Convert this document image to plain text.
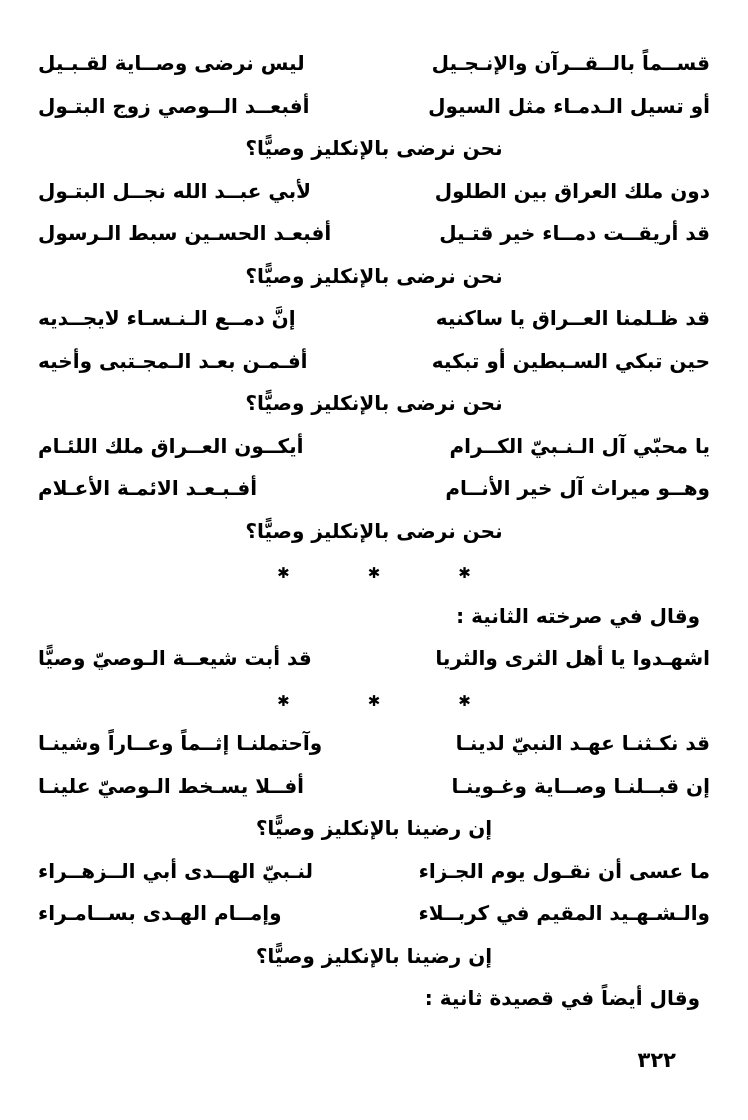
قســماً بالــقــرآن والإنـجـيل
ليس نرضى وصــاية لقـبـيل
أو تسيل الـدمـاء مثل السيول
أفبعــد الــوصي زوج البتـول
نحن نرضى بالإنكليز وصيًّا؟
دون ملك العراق بين الطلول
لأبي عبــد الله نجــل البتـول
قد أريقــت دمــاء خير قتـيل
أفبعـد الحسـين سبط الـرسول
نحن نرضى بالإنكليز وصيًّا؟
قد ظـلمنا العــراق يا ساكنيه
إنَّ دمــع الـنـسـاء لايجــديه
حين تبكي السـبطين أو تبكيه
أفـمـن بعـد الـمجـتبى وأخيه
نحن نرضى بالإنكليز وصيًّا؟
يا محبّي آل الـنـبيّ الكــرام
أيكــون العــراق ملك اللئـام
وهــو ميراث آل خير الأنــام
أفـبـعـد الائمـة الأعـلام
نحن نرضى بالإنكليز وصيًّا؟
✱
✱
✱
وقال في صرخته الثانية :
اشهـدوا يا أهل الثرى والثريا
قد أبت شيعــة الـوصيّ وصيًّا
✱
✱
✱
قد نكـثنـا عهـد النبيّ لدينـا
وآحتملنـا إثــماً وعــاراً وشينـا
إن قبــلنـا وصــاية وغـوينـا
أفــلا يسـخط الـوصيّ علينـا
إن رضينا بالإنكليز وصيًّا؟
ما عسى أن نقـول يوم الجـزاء
لنـبيّ الهــدى أبي الــزهــراء
والـشـهـيد المقيم في كربــلاء
وإمــام الهـدى بســامـراء
إن رضينا بالإنكليز وصيًّا؟
وقال أيضاً في قصيدة ثانية :
٣٢٢
